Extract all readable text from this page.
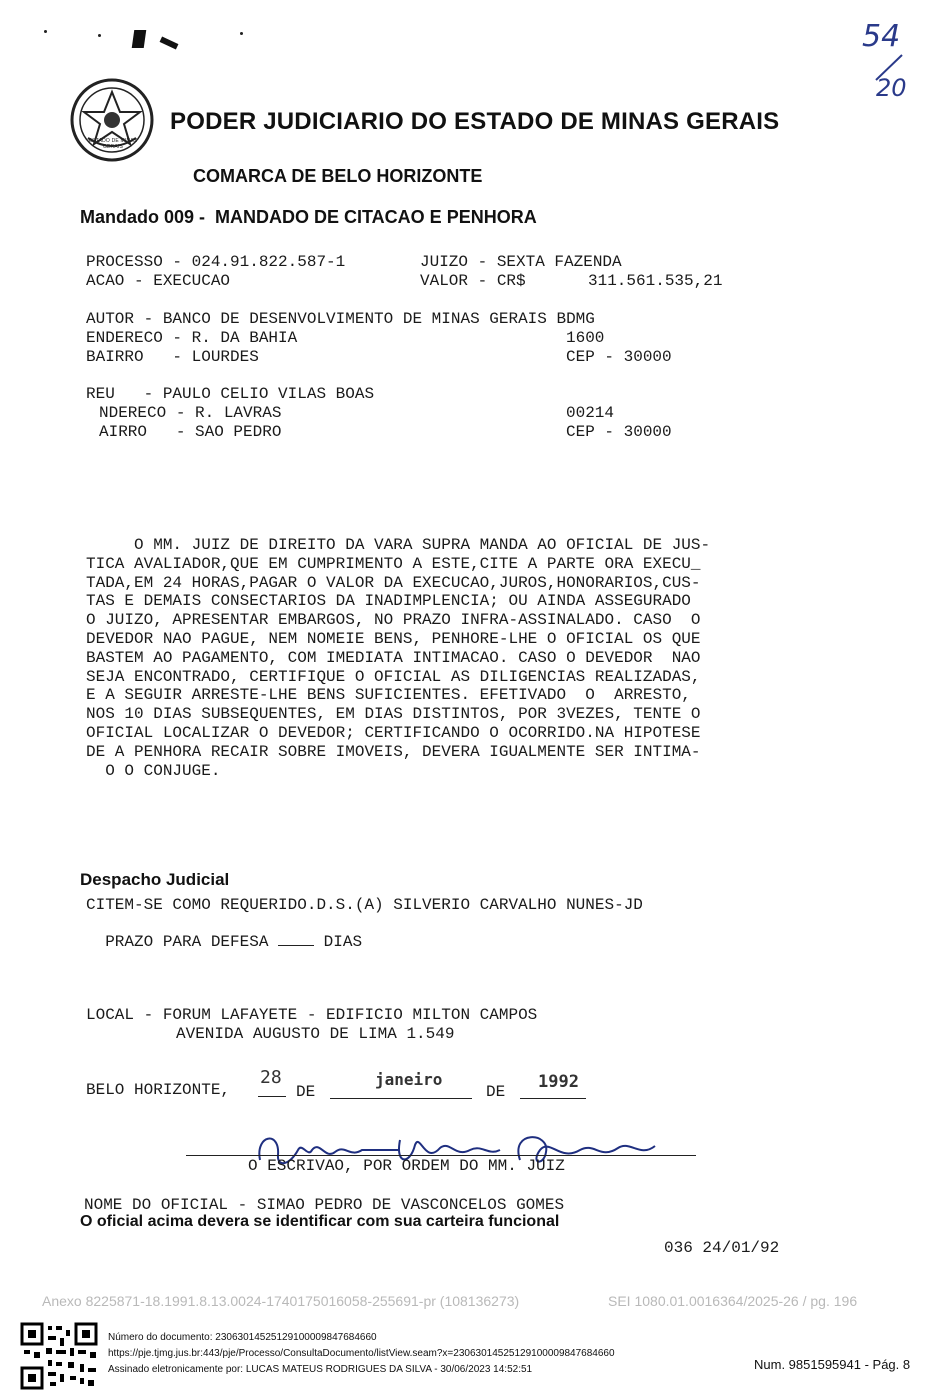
54
20
ESTADO DE MINAS GERAIS
PODER JUDICIARIO DO ESTADO DE MINAS GERAIS
COMARCA DE BELO HORIZONTE
Mandado 009 -  MANDADO DE CITACAO E PENHORA
PROCESSO - 024.91.822.587-1	JUIZO - SEXTA FAZENDA
ACAO - EXECUCAO	VALOR - CR$	311.561.535,21
AUTOR - BANCO DE DESENVOLVIMENTO DE MINAS GERAIS BDMG
ENDERECO - R. DA BAHIA	1600
BAIRRO   - LOURDES	CEP - 30000
REU   - PAULO CELIO VILAS BOAS
NDERECO - R. LAVRAS	00214
AIRRO   - SAO PEDRO	CEP - 30000
O MM. JUIZ DE DIREITO DA VARA SUPRA MANDA AO OFICIAL DE JUS-
TICA AVALIADOR,QUE EM CUMPRIMENTO A ESTE,CITE A PARTE ORA EXECU_
TADA,EM 24 HORAS,PAGAR O VALOR DA EXECUCAO,JUROS,HONORARIOS,CUS-
TAS E DEMAIS CONSECTARIOS DA INADIMPLENCIA; OU AINDA ASSEGURADO
O JUIZO, APRESENTAR EMBARGOS, NO PRAZO INFRA-ASSINALADO. CASO  O
DEVEDOR NAO PAGUE, NEM NOMEIE BENS, PENHORE-LHE O OFICIAL OS QUE
BASTEM AO PAGAMENTO, COM IMEDIATA INTIMACAO. CASO O DEVEDOR  NAO
SEJA ENCONTRADO, CERTIFIQUE O OFICIAL AS DILIGENCIAS REALIZADAS,
E A SEGUIR ARRESTE-LHE BENS SUFICIENTES. EFETIVADO  O  ARRESTO,
NOS 10 DIAS SUBSEQUENTES, EM DIAS DISTINTOS, POR 3VEZES, TENTE O
OFICIAL LOCALIZAR O DEVEDOR; CERTIFICANDO O OCORRIDO.NA HIPOTESE
DE A PENHORA RECAIR SOBRE IMOVEIS, DEVERA IGUALMENTE SER INTIMA-
O O CONJUGE.
Despacho Judicial
CITEM-SE COMO REQUERIDO.D.S.(A) SILVERIO CARVALHO NUNES-JD

PRAZO PARA DEFESA	DIAS

LOCAL - FORUM LAFAYETE - EDIFICIO MILTON CAMPOS
AVENIDA AUGUSTO DE LIMA 1.549
BELO HORIZONTE,
28
DE
janeiro
DE 1992
O ESCRIVAO, POR ORDEM DO MM. JUIZ
NOME DO OFICIAL - SIMAO PEDRO DE VASCONCELOS GOMES
O oficial acima devera se identificar com sua carteira funcional
036 24/01/92
Anexo 8225871-18.1991.8.13.0024-1740175016058-255691-pr (108136273)	SEI 1080.01.0016364/2025-26 / pg. 196
Número do documento: 23063014525129100009847684660
https://pje.tjmg.jus.br:443/pje/Processo/ConsultaDocumento/listView.seam?x=23063014525129100009847684660
Assinado eletronicamente por: LUCAS MATEUS RODRIGUES DA SILVA - 30/06/2023 14:52:51	Num. 9851595941 - Pág. 8
